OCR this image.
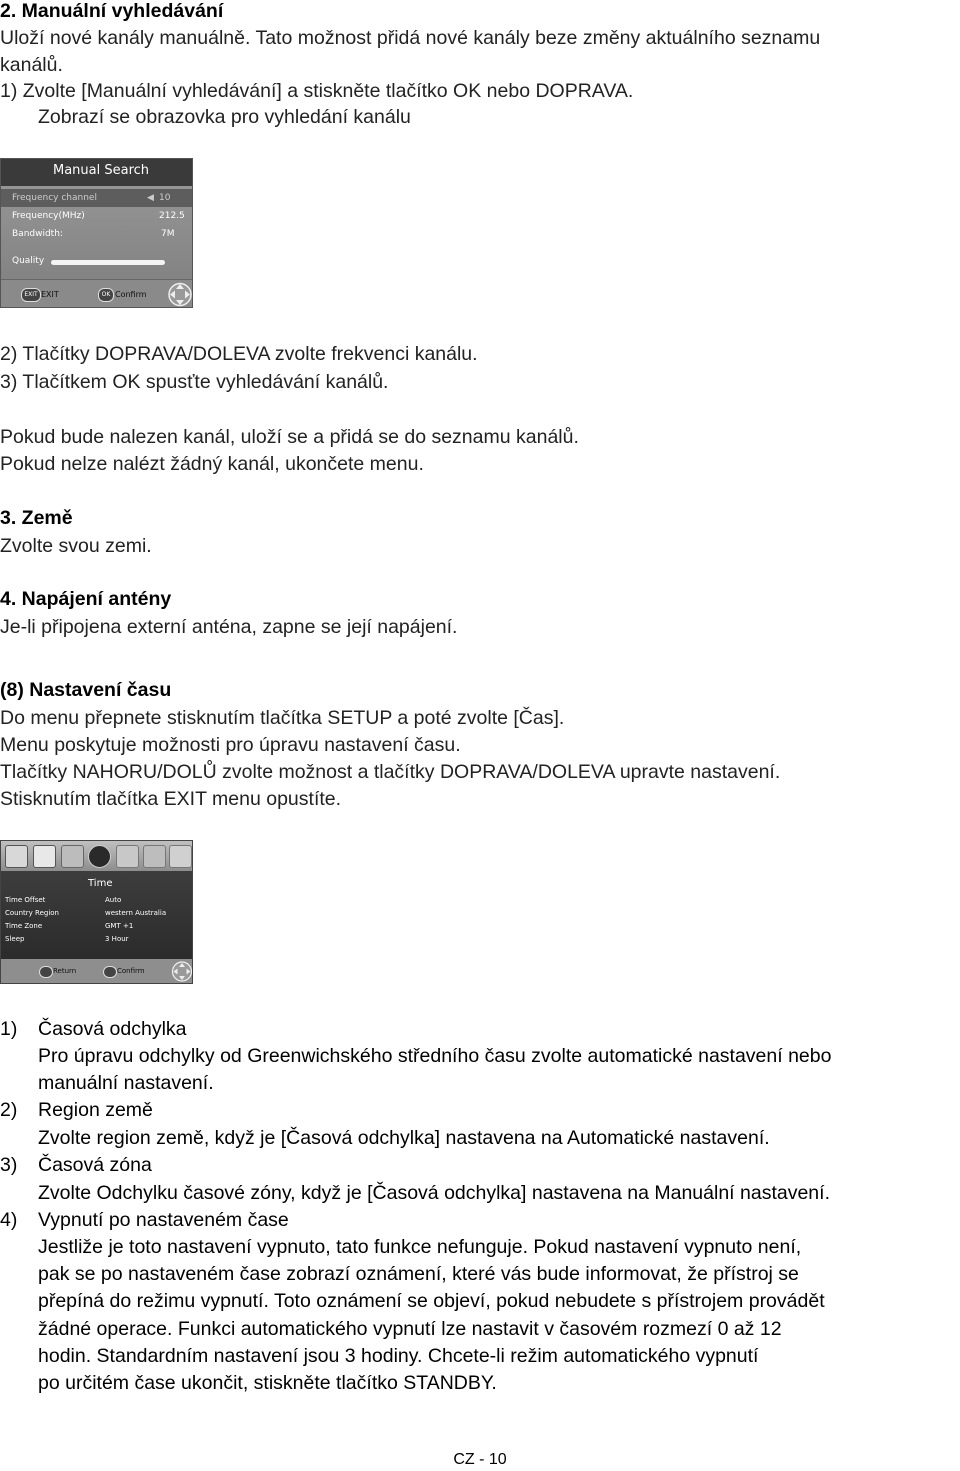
2. Manuální vyhledávání
Uloží nové kanály manuálně. Tato možnost přidá nové kanály beze změny aktuálního seznamu
kanálů.
1) Zvolte [Manuální vyhledávání] a stiskněte tlačítko OK nebo DOPRAVA.
Zobrazí se obrazovka pro vyhledání kanálu
Manual Search
Frequency channel	◀ 10
Frequency(MHz)	212.5
Bandwidth:	7M
Quality
EXIT EXIT	OK Confirm
2) Tlačítky DOPRAVA/DOLEVA zvolte frekvenci kanálu.
3) Tlačítkem OK spusťte vyhledávání kanálů.
Pokud bude nalezen kanál, uloží se a přidá se do seznamu kanálů.
Pokud nelze nalézt žádný kanál, ukončete menu.
3. Země
Zvolte svou zemi.
4. Napájení antény
Je-li připojena externí anténa, zapne se její napájení.
(8) Nastavení času
Do menu přepnete stisknutím tlačítka SETUP a poté zvolte [Čas].
Menu poskytuje možnosti pro úpravu nastavení času.
Tlačítky NAHORU/DOLŮ zvolte možnost a tlačítky DOPRAVA/DOLEVA upravte nastavení.
Stisknutím tlačítka EXIT menu opustíte.
Time
Time Offset	Auto
Country Region	western Australia
Time Zone	GMT +1
Sleep	3 Hour
Return	Confirm
1) Časová odchylka
Pro úpravu odchylky od Greenwichského středního času zvolte automatické nastavení nebo
manuální nastavení.
2) Region země
Zvolte region země, když je [Časová odchylka] nastavena na Automatické nastavení.
3) Časová zóna
Zvolte Odchylku časové zóny, když je [Časová odchylka] nastavena na Manuální nastavení.
4) Vypnutí po nastaveném čase
Jestliže je toto nastavení vypnuto, tato funkce nefunguje. Pokud nastavení vypnuto není,
pak se po nastaveném čase zobrazí oznámení, které vás bude informovat, že přístroj se
přepíná do režimu vypnutí. Toto oznámení se objeví, pokud nebudete s přístrojem provádět
žádné operace. Funkci automatického vypnutí lze nastavit v časovém rozmezí 0 až 12
hodin. Standardním nastavení jsou 3 hodiny. Chcete-li režim automatického vypnutí
po určitém čase ukončit, stiskněte tlačítko STANDBY.
CZ - 10
